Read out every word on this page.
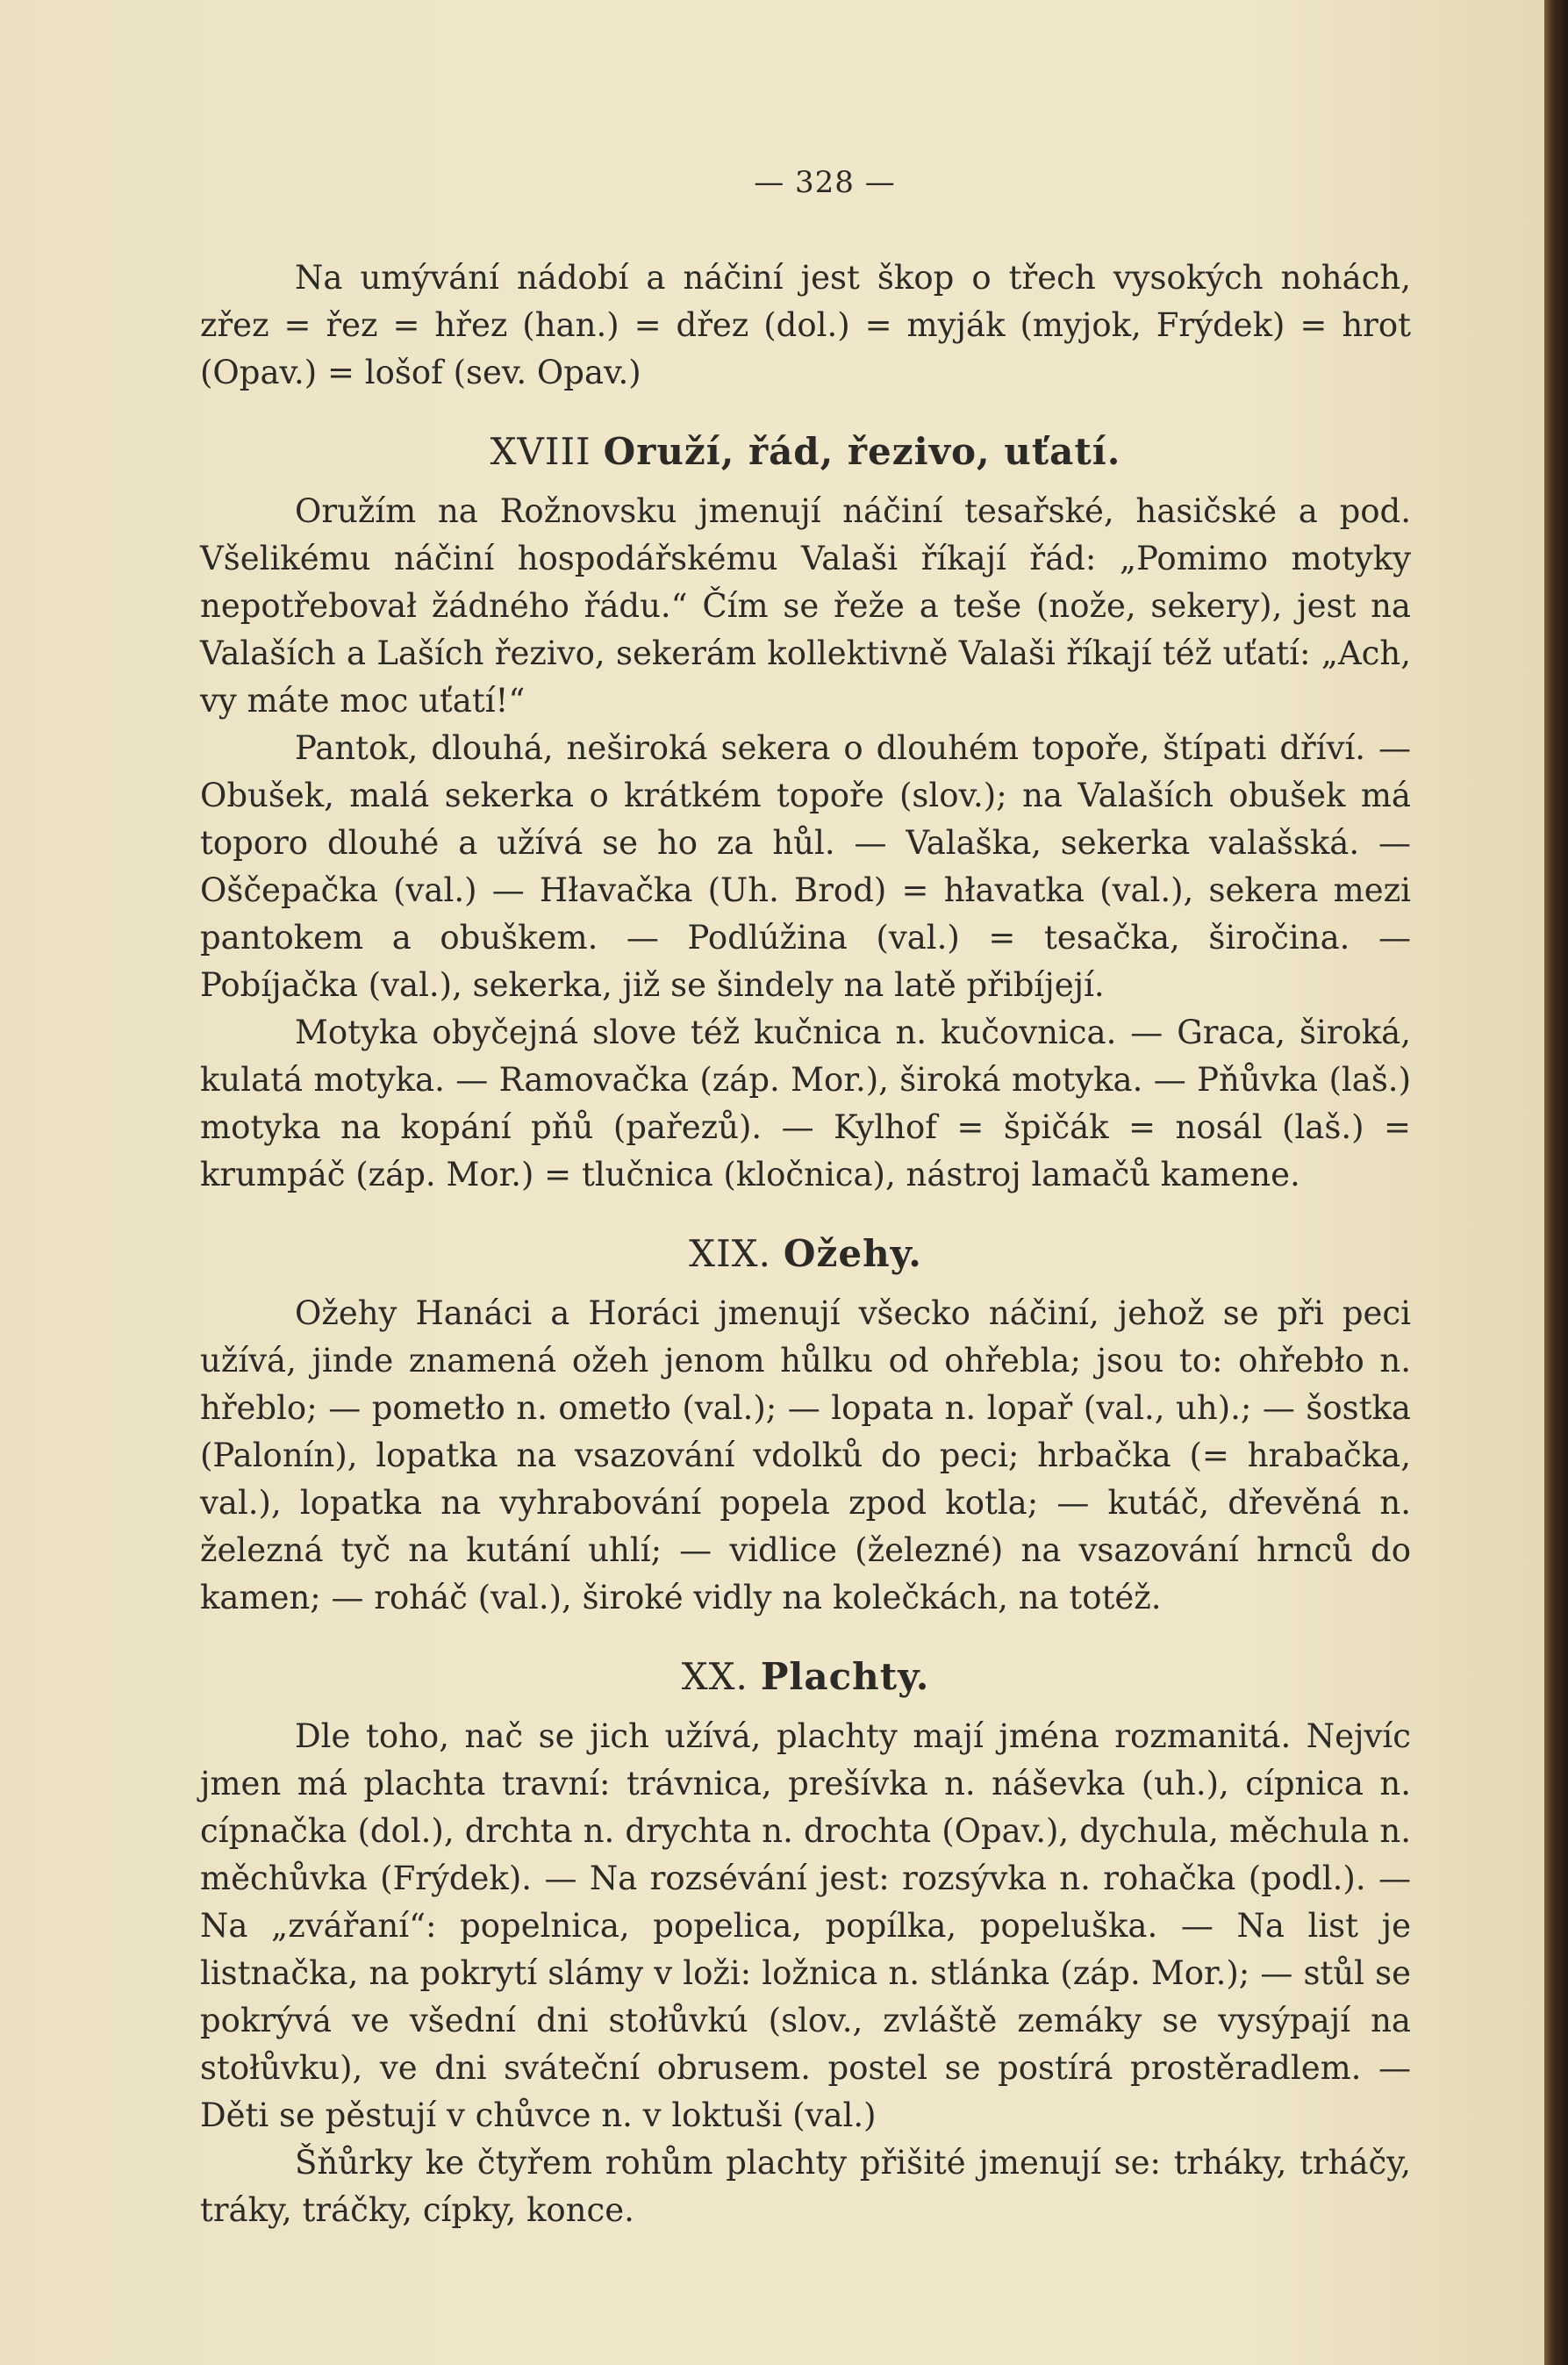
— 328 —

Na umývání nádobí a náčiní jest škop o třech vysokých nohách, zřez = řez = hřez (han.) = dřez (dol.) = myják (myjok, Frýdek) = hrot (Opav.) = lošof (sev. Opav.)

XVIII Oruží, řád, řezivo, uťatí.

Oružím na Rožnovsku jmenují náčiní tesařské, hasičské a pod. Všelikému náčiní hospodářskému Valaši říkají řád: „Pomimo motyky nepotřebovał žádného řádu.“ Čím se řeže a teše (nože, sekery), jest na Valaších a Laších řezivo, sekerám kollektivně Valaši říkají též uťatí: „Ach, vy máte moc uťatí!“

Pantok, dlouhá, neširoká sekera o dlouhém topoře, štípati dříví. — Obušek, malá sekerka o krátkém topoře (slov.); na Valaších obušek má toporo dlouhé a užívá se ho za hůl. — Valaška, sekerka valašská. — Oščepačka (val.) — Hłavačka (Uh. Brod) = hłavatka (val.), sekera mezi pantokem a obuškem. — Podlúžina (val.) = tesačka, širočina. — Pobíjačka (val.), sekerka, již se šindely na latě přibíjejí.

Motyka obyčejná slove též kučnica n. kučovnica. — Graca, široká, kulatá motyka. — Ramovačka (záp. Mor.), široká motyka. — Pňůvka (laš.) motyka na kopání pňů (pařezů). — Kylhof = špičák = nosál (laš.) = krumpáč (záp. Mor.) = tlučnica (kločnica), nástroj lamačů kamene.

XIX. Ožehy.

Ožehy Hanáci a Horáci jmenují všecko náčiní, jehož se při peci užívá, jinde znamená ožeh jenom hůlku od ohřebla; jsou to: ohřebło n. hřeblo; — pometło n. ometło (val.); — lopata n. lopař (val., uh).; — šostka (Palonín), lopatka na vsazování vdolků do peci; hrbačka (= hrabačka, val.), lopatka na vyhrabování popela zpod kotla; — kutáč, dřevěná n. železná tyč na kutání uhlí; — vidlice (železné) na vsazování hrnců do kamen; — roháč (val.), široké vidly na kolečkách, na totéž.

XX. Plachty.

Dle toho, nač se jich užívá, plachty mají jména rozmanitá. Nejvíc jmen má plachta travní: trávnica, prešívka n. náševka (uh.), cípnica n. cípnačka (dol.), drchta n. drychta n. drochta (Opav.), dychula, měchula n. měchůvka (Frýdek). — Na rozsévání jest: rozsývka n. rohačka (podl.). — Na „zvářaní“: popelnica, popelica, popílka, popeluška. — Na list je listnačka, na pokrytí slámy v loži: ložnica n. stlánka (záp. Mor.); — stůl se pokrývá ve všední dni stołůvkú (slov., zvláště zemáky se vysýpají na stołůvku), ve dni sváteční obrusem. postel se postírá prostěradlem. — Děti se pěstují v chůvce n. v loktuši (val.)

Šňůrky ke čtyřem rohům plachty přišité jmenují se: trháky, trháčy, tráky, tráčky, cípky, konce.
